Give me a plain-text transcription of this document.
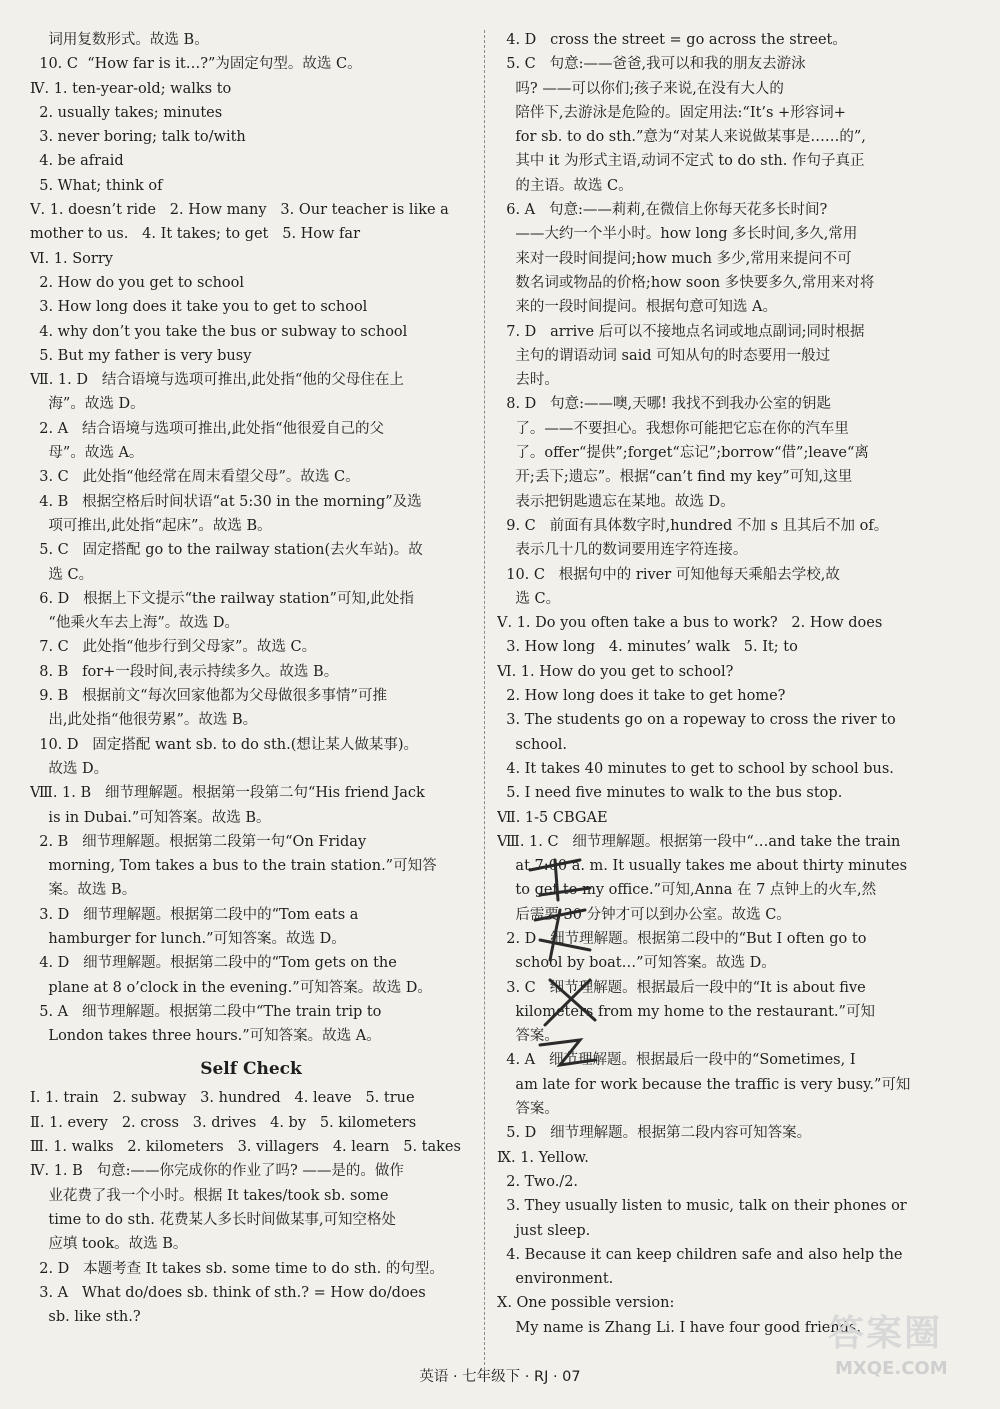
词用复数形式。故选 B。
10. C  “How far is it…?”为固定句型。故选 C。
Ⅳ. 1. ten-year-old; walks to
2. usually takes; minutes
3. never boring; talk to/with
4. be afraid
5. What; think of
Ⅴ. 1. doesn’t ride   2. How many   3. Our teacher is like a
mother to us.   4. It takes; to get   5. How far
Ⅵ. 1. Sorry
2. How do you get to school
3. How long does it take you to get to school
4. why don’t you take the bus or subway to school
5. But my father is very busy
Ⅶ. 1. D   结合语境与选项可推出,此处指“他的父母住在上
海”。故选 D。
2. A   结合语境与选项可推出,此处指“他很爱自己的父
母”。故选 A。
3. C   此处指“他经常在周末看望父母”。故选 C。
4. B   根据空格后时间状语“at 5:30 in the morning”及选
项可推出,此处指“起床”。故选 B。
5. C   固定搭配 go to the railway station(去火车站)。故
选 C。
6. D   根据上下文提示“the railway station”可知,此处指
“他乘火车去上海”。故选 D。
7. C   此处指“他步行到父母家”。故选 C。
8. B   for+一段时间,表示持续多久。故选 B。
9. B   根据前文“每次回家他都为父母做很多事情”可推
出,此处指“他很劳累”。故选 B。
10. D   固定搭配 want sb. to do sth.(想让某人做某事)。
故选 D。
Ⅷ. 1. B   细节理解题。根据第一段第二句“His friend Jack
is in Dubai.”可知答案。故选 B。
2. B   细节理解题。根据第二段第一句“On Friday
morning, Tom takes a bus to the train station.”可知答
案。故选 B。
3. D   细节理解题。根据第二段中的“Tom eats a
hamburger for lunch.”可知答案。故选 D。
4. D   细节理解题。根据第二段中的“Tom gets on the
plane at 8 o’clock in the evening.”可知答案。故选 D。
5. A   细节理解题。根据第二段中“The train trip to
London takes three hours.”可知答案。故选 A。
Self Check
Ⅰ. 1. train   2. subway   3. hundred   4. leave   5. true
Ⅱ. 1. every   2. cross   3. drives   4. by   5. kilometers
Ⅲ. 1. walks   2. kilometers   3. villagers   4. learn   5. takes
Ⅳ. 1. B   句意:——你完成你的作业了吗? ——是的。做作
业花费了我一个小时。根据 It takes/took sb. some
time to do sth. 花费某人多长时间做某事,可知空格处
应填 took。故选 B。
2. D   本题考查 It takes sb. some time to do sth. 的句型。
3. A   What do/does sb. think of sth.? = How do/does
sb. like sth.?
4. D   cross the street = go across the street。
5. C   句意:——爸爸,我可以和我的朋友去游泳
吗? ——可以你们;孩子来说,在没有大人的
陪伴下,去游泳是危险的。固定用法:“It’s +形容词+
for sb. to do sth.”意为“对某人来说做某事是……的”,
其中 it 为形式主语,动词不定式 to do sth. 作句子真正
的主语。故选 C。
6. A   句意:——莉莉,在微信上你每天花多长时间?
——大约一个半小时。how long 多长时间,多久,常用
来对一段时间提问;how much 多少,常用来提问不可
数名词或物品的价格;how soon 多快要多久,常用来对将
来的一段时间提问。根据句意可知选 A。
7. D   arrive 后可以不接地点名词或地点副词;同时根据
主句的谓语动词 said 可知从句的时态要用一般过
去时。
8. D   句意:——噢,天哪! 我找不到我办公室的钥匙
了。——不要担心。我想你可能把它忘在你的汽车里
了。offer“提供”;forget“忘记”;borrow“借”;leave“离
开;丢下;遗忘”。根据“can’t find my key”可知,这里
表示把钥匙遗忘在某地。故选 D。
9. C   前面有具体数字时,hundred 不加 s 且其后不加 of。
表示几十几的数词要用连字符连接。
10. C   根据句中的 river 可知他每天乘船去学校,故
选 C。
Ⅴ. 1. Do you often take a bus to work?   2. How does
3. How long   4. minutes’ walk   5. It; to
Ⅵ. 1. How do you get to school?
2. How long does it take to get home?
3. The students go on a ropeway to cross the river to
school.
4. It takes 40 minutes to get to school by school bus.
5. I need five minutes to walk to the bus stop.
Ⅶ. 1-5 CBGAE
Ⅷ. 1. C   细节理解题。根据第一段中“…and take the train
at 7:00 a. m. It usually takes me about thirty minutes
to get to my office.”可知,Anna 在 7 点钟上的火车,然
后需要 30 分钟才可以到办公室。故选 C。
2. D   细节理解题。根据第二段中的“But I often go to
school by boat…”可知答案。故选 D。
3. C   细节理解题。根据最后一段中的“It is about five
kilometers from my home to the restaurant.”可知
答案。
4. A   细节理解题。根据最后一段中的“Sometimes, I
am late for work because the traffic is very busy.”可知
答案。
5. D   细节理解题。根据第二段内容可知答案。
Ⅸ. 1. Yellow.
2. Two./2.
3. They usually listen to music, talk on their phones or
just sleep.
4. Because it can keep children safe and also help the
environment.
Ⅹ. One possible version:
My name is Zhang Li. I have four good friends.
答案圈
MXQE.COM
英语 · 七年级下 · RJ · 07
